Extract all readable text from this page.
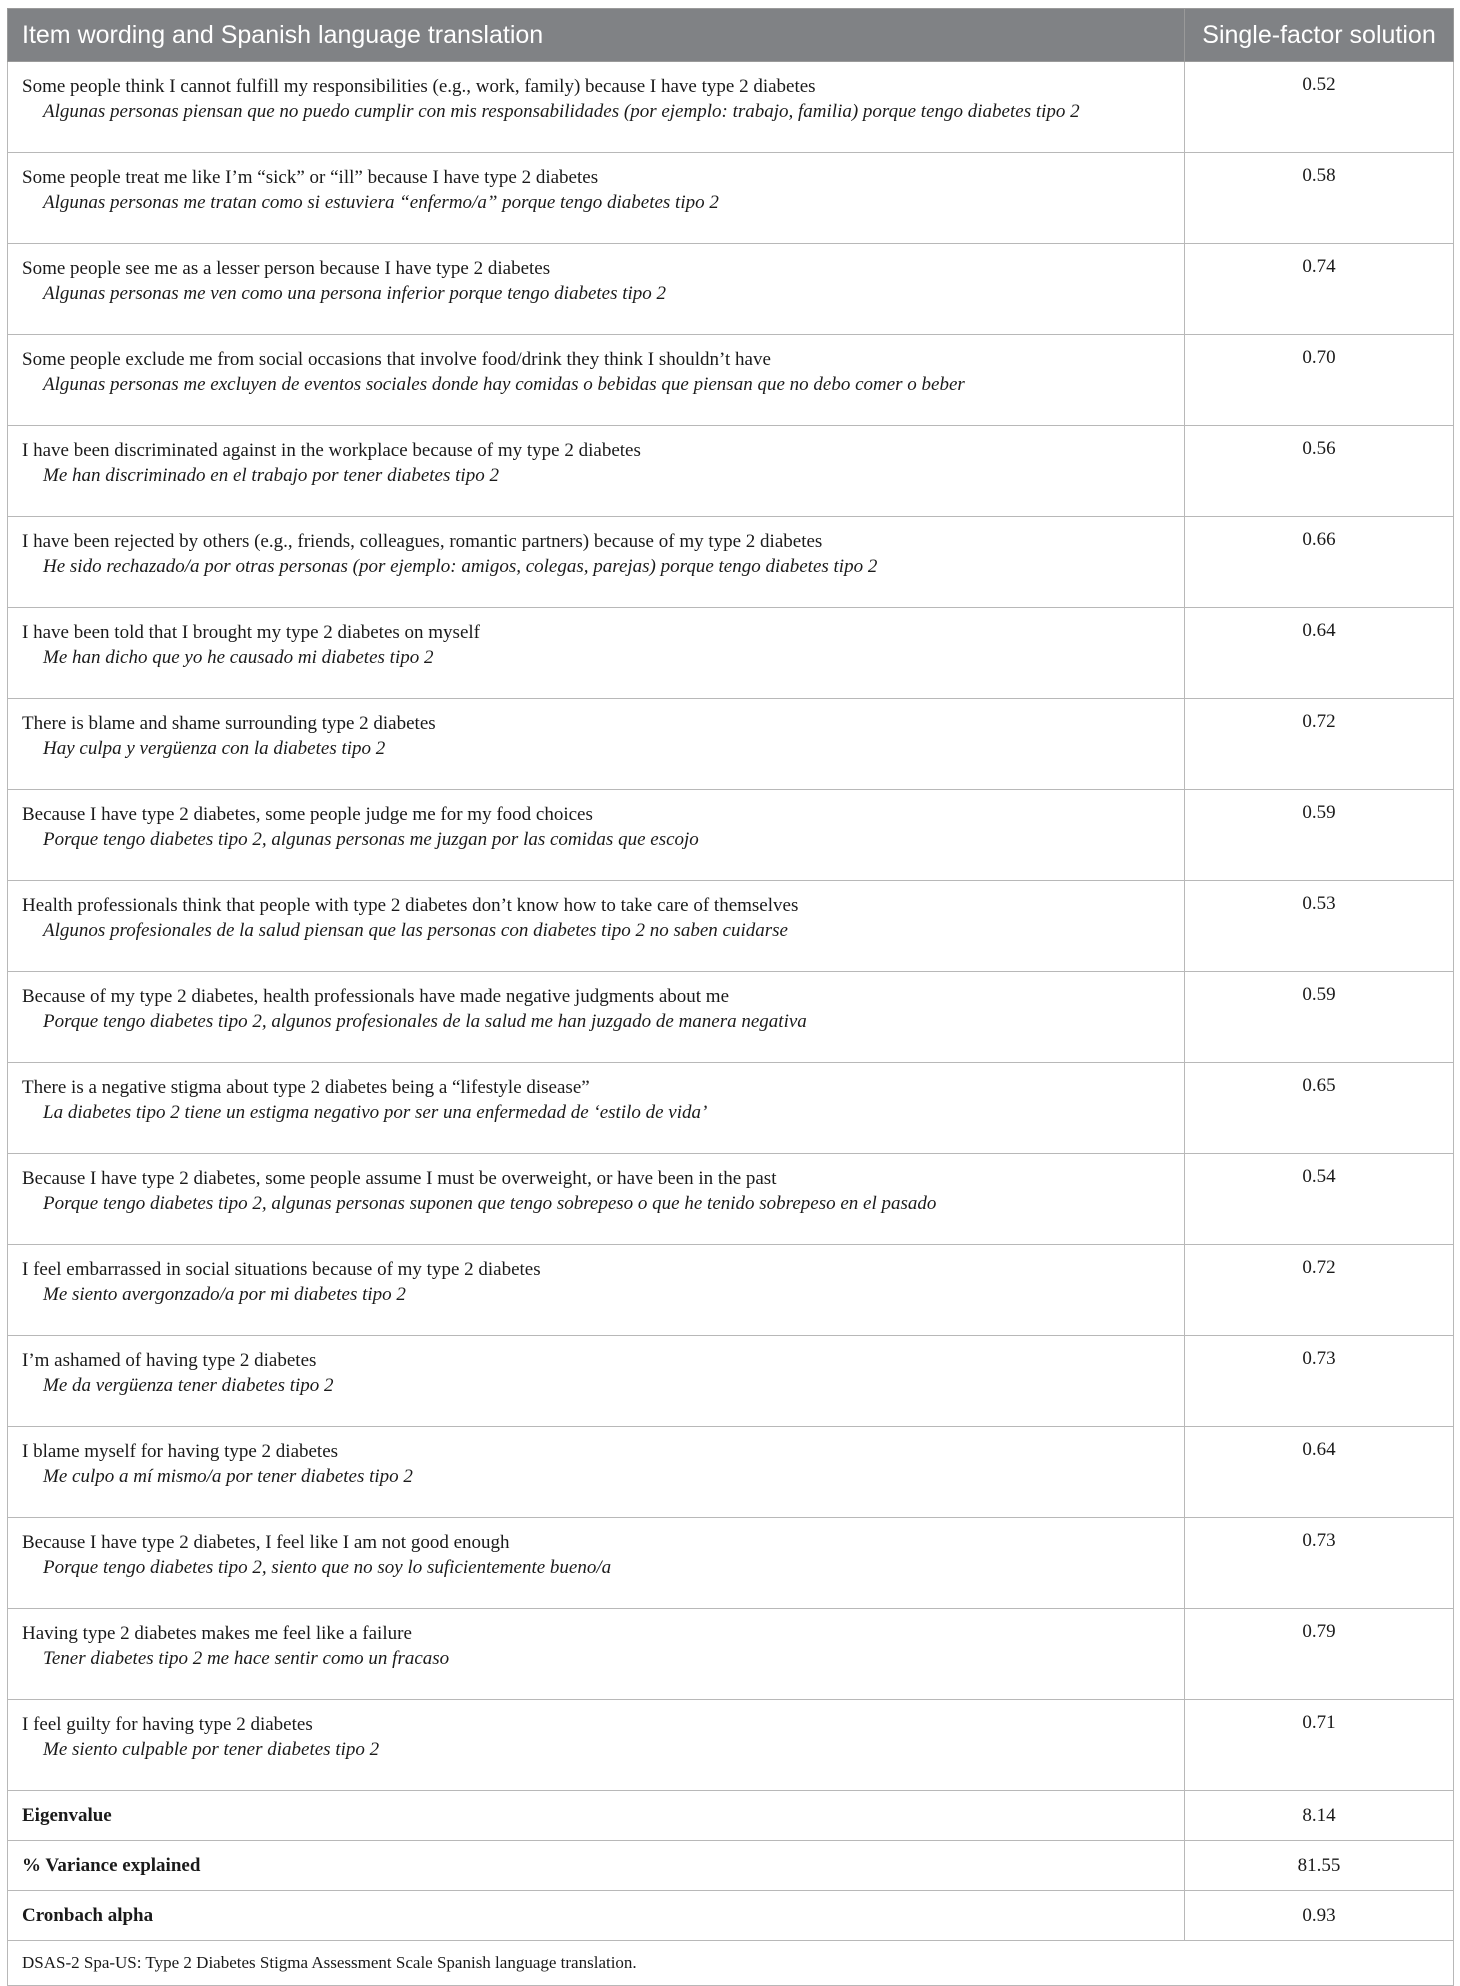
Item wording and Spanish language translation	Single-factor solution

Some people think I cannot fulfill my responsibilities (e.g., work, family) because I have type 2 diabetes
Algunas personas piensan que no puedo cumplir con mis responsabilidades (por ejemplo: trabajo, familia) porque tengo diabetes tipo 2	0.52

Some people treat me like I’m “sick” or “ill” because I have type 2 diabetes
Algunas personas me tratan como si estuviera “enfermo/a” porque tengo diabetes tipo 2	0.58

Some people see me as a lesser person because I have type 2 diabetes
Algunas personas me ven como una persona inferior porque tengo diabetes tipo 2	0.74

Some people exclude me from social occasions that involve food/drink they think I shouldn’t have
Algunas personas me excluyen de eventos sociales donde hay comidas o bebidas que piensan que no debo comer o beber	0.70

I have been discriminated against in the workplace because of my type 2 diabetes
Me han discriminado en el trabajo por tener diabetes tipo 2	0.56

I have been rejected by others (e.g., friends, colleagues, romantic partners) because of my type 2 diabetes
He sido rechazado/a por otras personas (por ejemplo: amigos, colegas, parejas) porque tengo diabetes tipo 2	0.66

I have been told that I brought my type 2 diabetes on myself
Me han dicho que yo he causado mi diabetes tipo 2	0.64

There is blame and shame surrounding type 2 diabetes
Hay culpa y vergüenza con la diabetes tipo 2	0.72

Because I have type 2 diabetes, some people judge me for my food choices
Porque tengo diabetes tipo 2, algunas personas me juzgan por las comidas que escojo	0.59

Health professionals think that people with type 2 diabetes don’t know how to take care of themselves
Algunos profesionales de la salud piensan que las personas con diabetes tipo 2 no saben cuidarse	0.53

Because of my type 2 diabetes, health professionals have made negative judgments about me
Porque tengo diabetes tipo 2, algunos profesionales de la salud me han juzgado de manera negativa	0.59

There is a negative stigma about type 2 diabetes being a “lifestyle disease”
La diabetes tipo 2 tiene un estigma negativo por ser una enfermedad de ‘estilo de vida’	0.65

Because I have type 2 diabetes, some people assume I must be overweight, or have been in the past
Porque tengo diabetes tipo 2, algunas personas suponen que tengo sobrepeso o que he tenido sobrepeso en el pasado	0.54

I feel embarrassed in social situations because of my type 2 diabetes
Me siento avergonzado/a por mi diabetes tipo 2	0.72

I’m ashamed of having type 2 diabetes
Me da vergüenza tener diabetes tipo 2	0.73

I blame myself for having type 2 diabetes
Me culpo a mí mismo/a por tener diabetes tipo 2	0.64

Because I have type 2 diabetes, I feel like I am not good enough
Porque tengo diabetes tipo 2, siento que no soy lo suficientemente bueno/a	0.73

Having type 2 diabetes makes me feel like a failure
Tener diabetes tipo 2 me hace sentir como un fracaso	0.79

I feel guilty for having type 2 diabetes
Me siento culpable por tener diabetes tipo 2	0.71
Eigenvalue	8.14
% Variance explained	81.55
Cronbach alpha	0.93
DSAS-2 Spa-US: Type 2 Diabetes Stigma Assessment Scale Spanish language translation.	
